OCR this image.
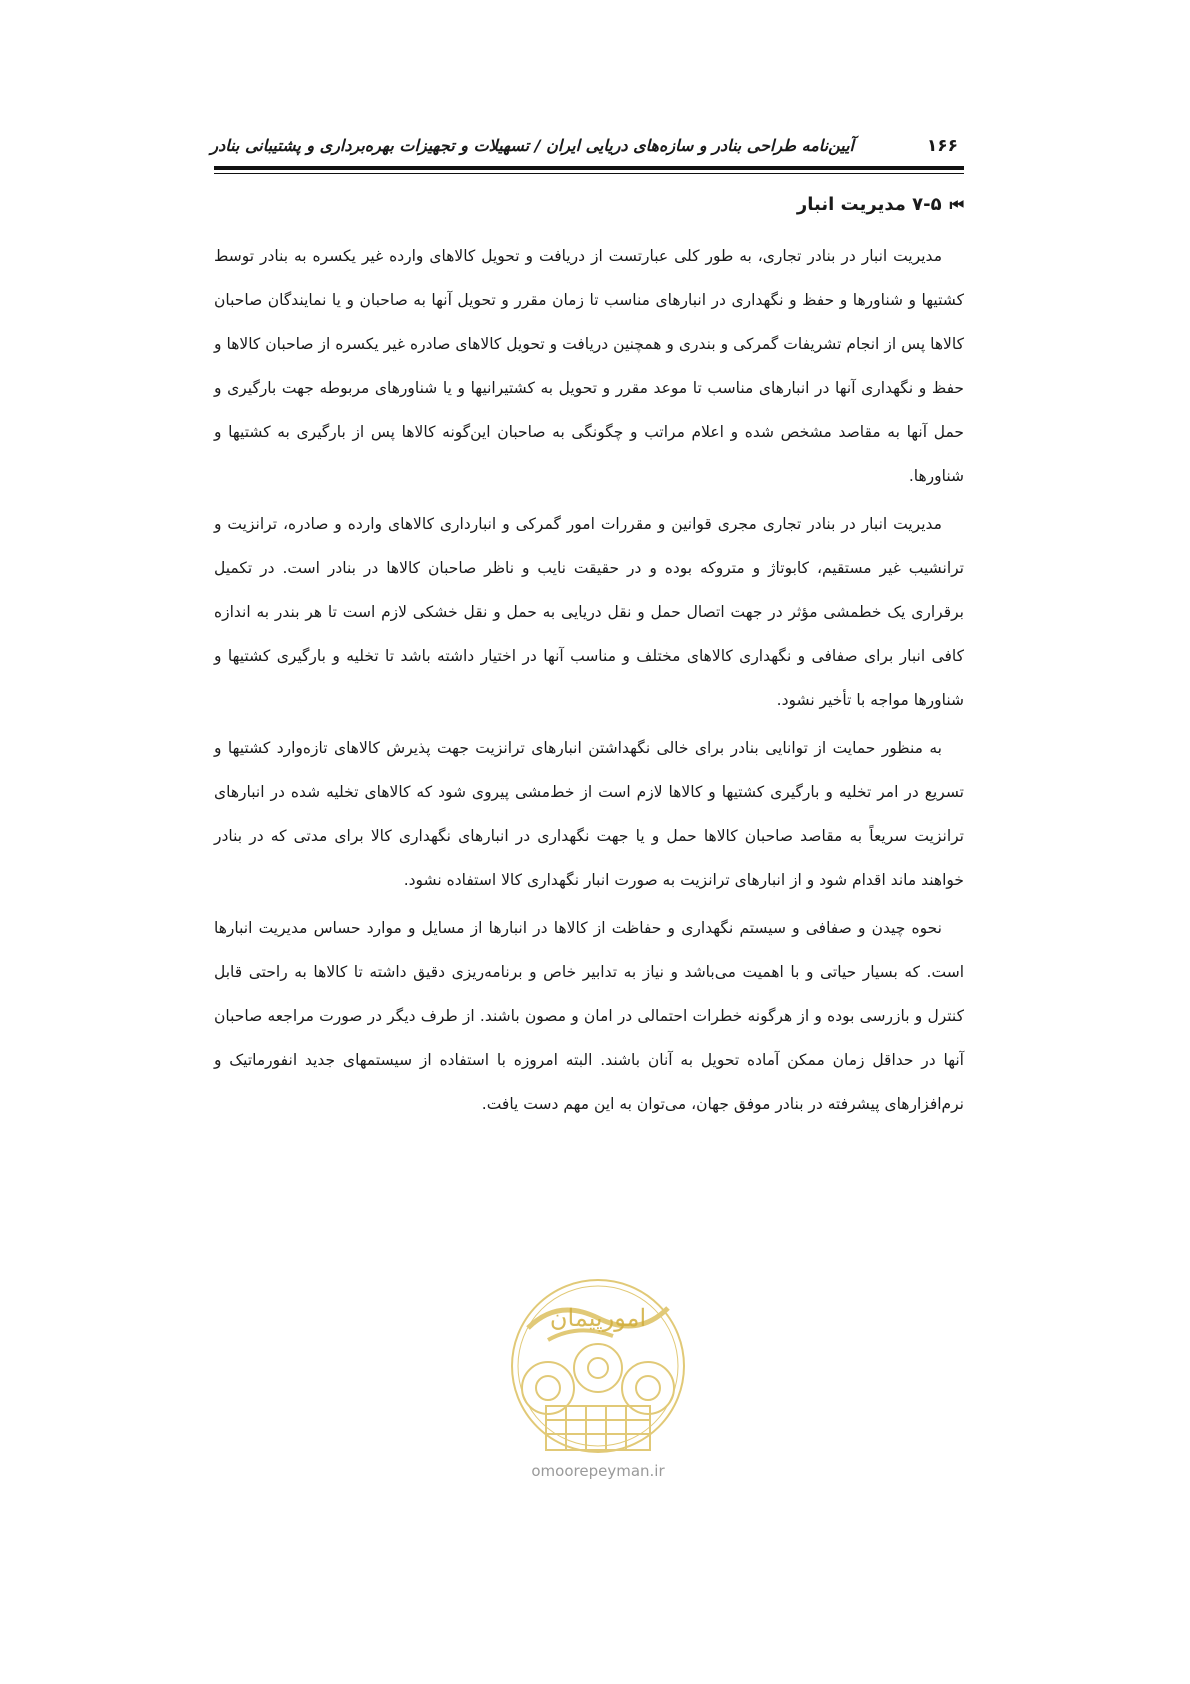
۱۶۶
آیین‌نامه طراحی بنادر و سازه‌های دریایی ایران / تسهیلات و تجهیزات بهره‌برداری و پشتیبانی بنادر
⏮۷-۵ مدیریت انبار

مدیریت انبار در بنادر تجاری، به طور کلی عبارتست از دریافت و تحویل کالاهای وارده غیر یکسره به بنادر توسط کشتیها و شناورها و حفظ و نگهداری در انبارهای مناسب تا زمان مقرر و تحویل آنها به صاحبان و یا نمایندگان صاحبان کالاها پس از انجام تشریفات گمرکی و بندری و همچنین دریافت و تحویل کالاهای صادره غیر یکسره از صاحبان کالاها و حفظ و نگهداری آنها در انبارهای مناسب تا موعد مقرر و تحویل به کشتیرانیها و یا شناورهای مربوطه جهت بارگیری و حمل آنها به مقاصد مشخص شده و اعلام مراتب و چگونگی به صاحبان این‌گونه کالاها پس از بارگیری به کشتیها و شناورها.

مدیریت انبار در بنادر تجاری مجری قوانین و مقررات امور گمرکی و انبارداری کالاهای وارده و صادره، ترانزیت و ترانشیب غیر مستقیم، کابوتاژ و متروکه بوده و در حقیقت نایب و ناظر صاحبان کالاها در بنادر است. در تکمیل برقراری یک خطمشی مؤثر در جهت اتصال حمل و نقل دریایی به حمل و نقل خشکی لازم است تا هر بندر به اندازه کافی انبار برای صفافی و نگهداری کالاهای مختلف و مناسب آنها در اختیار داشته باشد تا تخلیه و بارگیری کشتیها و شناورها مواجه با تأخیر نشود.

به منظور حمایت از توانایی بنادر برای خالی نگهداشتن انبارهای ترانزیت جهت پذیرش کالاهای تازه‌وارد کشتیها و تسریع در امر تخلیه و بارگیری کشتیها و کالاها لازم است از خط‌مشی پیروی شود که کالاهای تخلیه شده در انبارهای ترانزیت سریعاً به مقاصد صاحبان کالاها حمل و یا جهت نگهداری در انبارهای نگهداری کالا برای مدتی که در بنادر خواهند ماند اقدام شود و از انبارهای ترانزیت به صورت انبار نگهداری کالا استفاده نشود.

نحوه چیدن و صفافی و سیستم نگهداری و حفاظت از کالاها در انبارها از مسایل و موارد حساس مدیریت انبارها است. که بسیار حیاتی و با اهمیت می‌باشد و نیاز به تدابیر خاص و برنامه‌ریزی دقیق داشته تا کالاها به راحتی قابل کنترل و بازرسی بوده و از هرگونه خطرات احتمالی در امان و مصون باشند. از طرف دیگر در صورت مراجعه صاحبان آنها در حداقل زمان ممکن آماده تحویل به آنان باشند. البته امروزه با استفاده از سیستمهای جدید انفورماتیک و نرم‌افزارهای پیشرفته در بنادر موفق جهان، می‌توان به این مهم دست یافت.

امورپیمان
omoorepeyman.ir
